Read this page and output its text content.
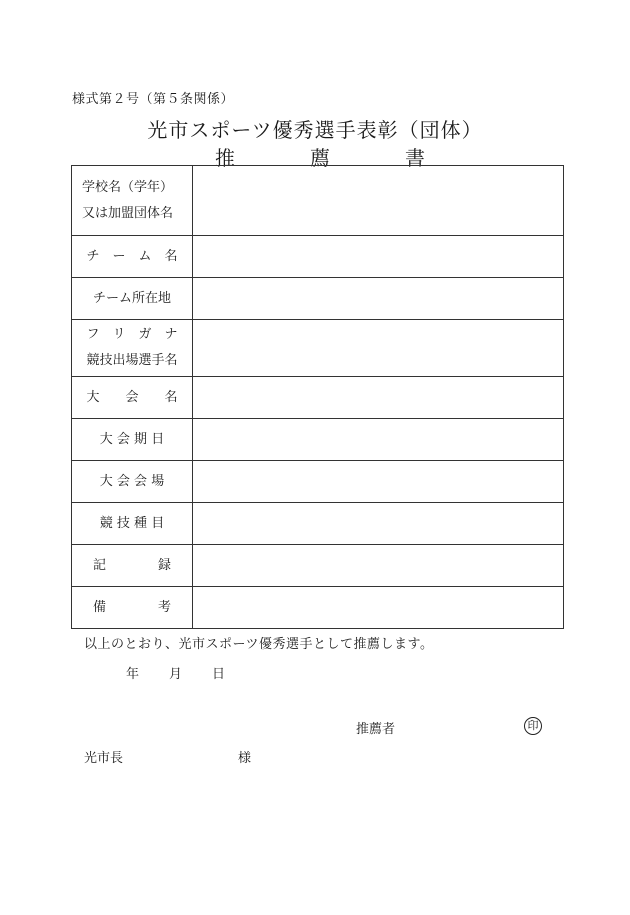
様式第２号（第５条関係）
光市スポーツ優秀選手表彰（団体）
推	薦	書
学校名（学年）
又は加盟団体名	

チ　ー　ム　名	

チーム所在地	

フ　リ　ガ　ナ
競技出場選手名	

大　　会　　名	

大 会 期 日	

大 会 会 場	

競 技 種 目	

記　　　　録	

備　　　　考	

以上のとおり、光市スポーツ優秀選手として推薦します。
年 月 日
推薦者	印
光市長	様
